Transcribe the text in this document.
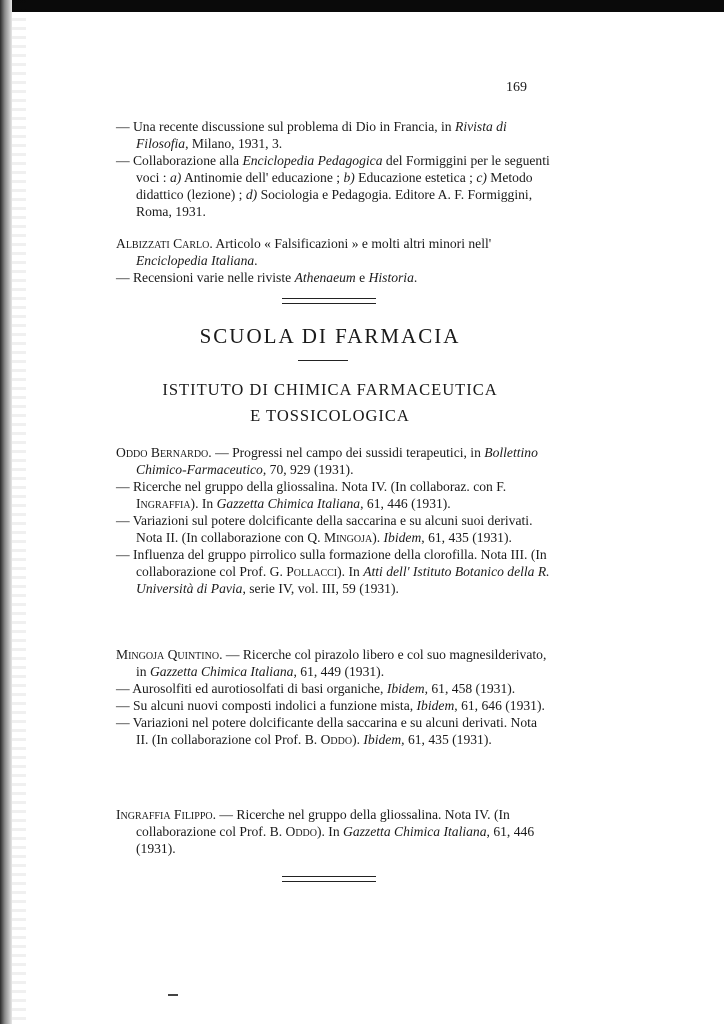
169
— Una recente discussione sul problema di Dio in Francia, in Rivista di Filosofia, Milano, 1931, 3.
— Collaborazione alla Enciclopedia Pedagogica del Formiggini per le seguenti voci : a) Antinomie dell' educazione ; b) Educazione estetica ; c) Metodo didattico (lezione) ; d) Sociologia e Pedagogia. Editore A. F. Formiggini, Roma, 1931.
Albizzati Carlo. Articolo « Falsificazioni » e molti altri minori nell' Enciclopedia Italiana.
— Recensioni varie nelle riviste Athenaeum e Historia.
SCUOLA DI FARMACIA
ISTITUTO DI CHIMICA FARMACEUTICA
E TOSSICOLOGICA
Oddo Bernardo. — Progressi nel campo dei sussidi terapeutici, in Bollettino Chimico-Farmaceutico, 70, 929 (1931).
— Ricerche nel gruppo della gliossalina. Nota IV. (In collaboraz. con F. Ingraffia). In Gazzetta Chimica Italiana, 61, 446 (1931).
— Variazioni sul potere dolcificante della saccarina e su alcuni suoi derivati. Nota II. (In collaborazione con Q. Mingoja). Ibidem, 61, 435 (1931).
— Influenza del gruppo pirrolico sulla formazione della clorofilla. Nota III. (In collaborazione col Prof. G. Pollacci). In Atti dell' Istituto Botanico della R. Università di Pavia, serie IV, vol. III, 59 (1931).
Mingoja Quintino. — Ricerche col pirazolo libero e col suo magnesilderivato, in Gazzetta Chimica Italiana, 61, 449 (1931).
— Aurosolfiti ed aurotiosolfati di basi organiche, Ibidem, 61, 458 (1931).
— Su alcuni nuovi composti indolici a funzione mista, Ibidem, 61, 646 (1931).
— Variazioni nel potere dolcificante della saccarina e su alcuni derivati. Nota II. (In collaborazione col Prof. B. Oddo). Ibidem, 61, 435 (1931).
Ingraffia Filippo. — Ricerche nel gruppo della gliossalina. Nota IV. (In collaborazione col Prof. B. Oddo). In Gazzetta Chimica Italiana, 61, 446 (1931).
